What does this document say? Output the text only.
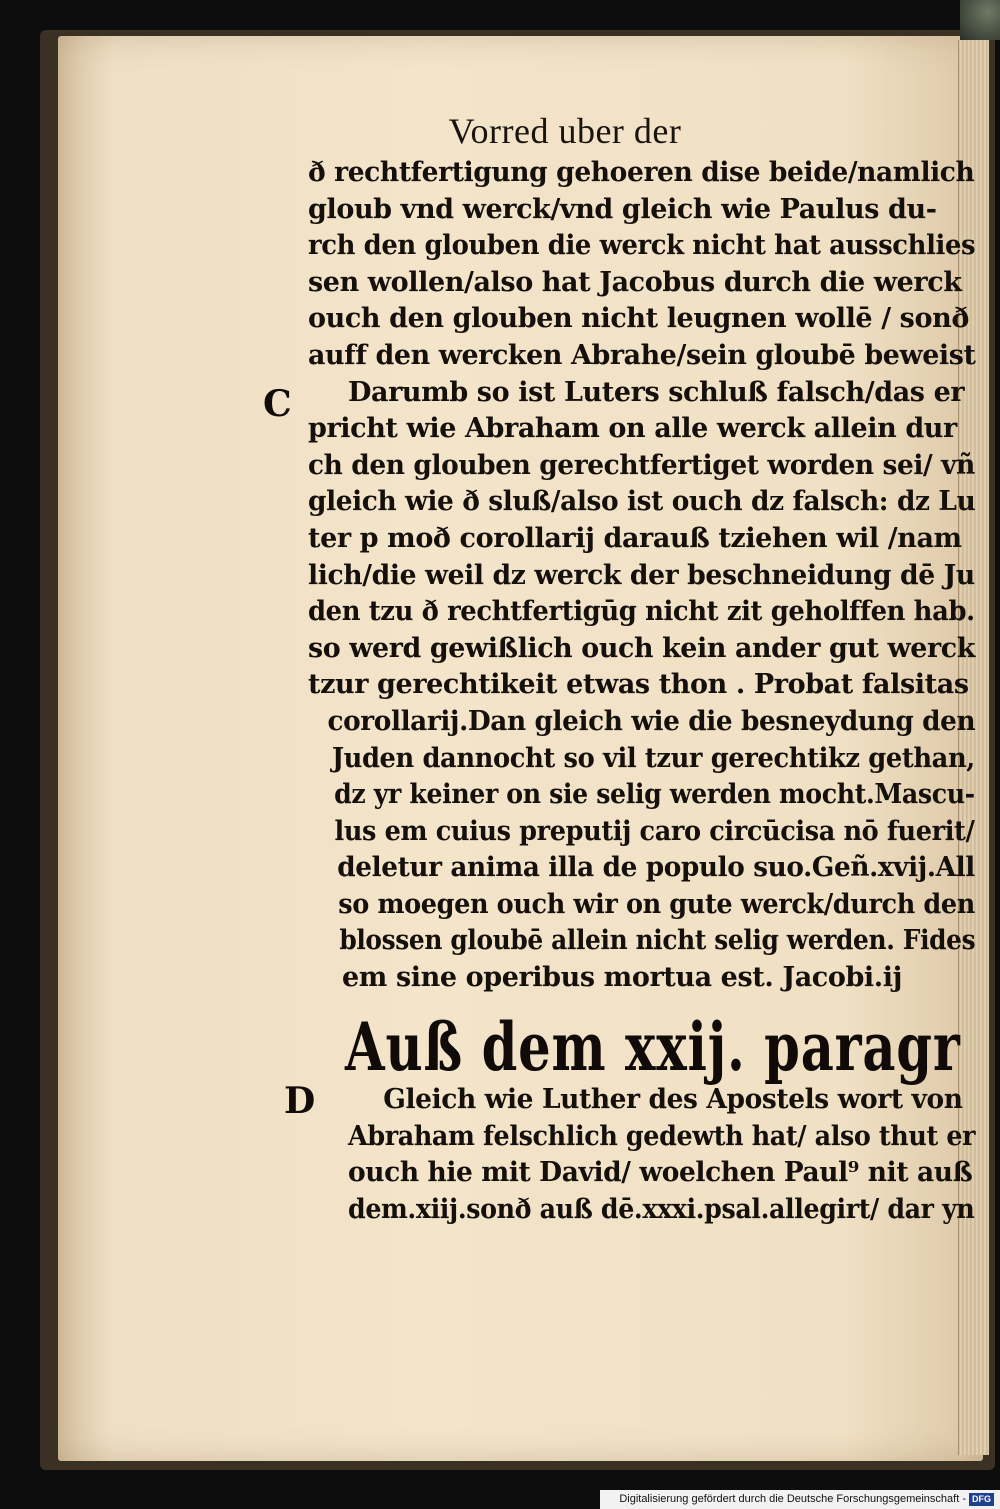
Vorred uber der
C
ð rechtfertigung gehoeren dise beide/namlich
gloub vnd werck/vnd gleich wie Paulus du-
rch den glouben die werck nicht hat ausschlies
sen wollen/also hat Jacobus durch die werck
ouch den glouben nicht leugnen wollē / sonð
auff den wercken Abrahe/sein gloubē beweist
Darumb so ist Luters schluß falsch/das er
pricht wie Abraham on alle werck allein dur
ch den glouben gerechtfertiget worden sei/ vñ
gleich wie ð sluß/also ist ouch dz falsch: dz Lu
ter p moð corollarij darauß tziehen wil /nam
lich/die weil dz werck der beschneidung dē Ju
den tzu ð rechtfertigūg nicht zit geholffen hab.
so werd gewißlich ouch kein ander gut werck
tzur gerechtikeit etwas thon . Probat falsitas
corollarij.Dan gleich wie die besneydung den
Juden dannocht so vil tzur gerechtikz gethan,
dz yr keiner on sie selig werden mocht.Mascu-
lus em cuius preputij caro circūcisa nō fuerit/
deletur anima illa de populo suo.Geñ.xvij.All
so moegen ouch wir on gute werck/durch den
blossen gloubē allein nicht selig werden. Fides
em sine operibus mortua est. Jacobi.ij
Auß dem xxij. paragr
D	Gleich wie Luther des Apostels wort von
Abraham felschlich gedewth hat/ also thut er
ouch hie mit David/ woelchen Paul⁹ nit auß
dem.xiij.sonð auß dē.xxxi.psal.allegirt/ dar yn
Digitalisierung gefördert durch die Deutsche Forschungsgemeinschaft - DFG
